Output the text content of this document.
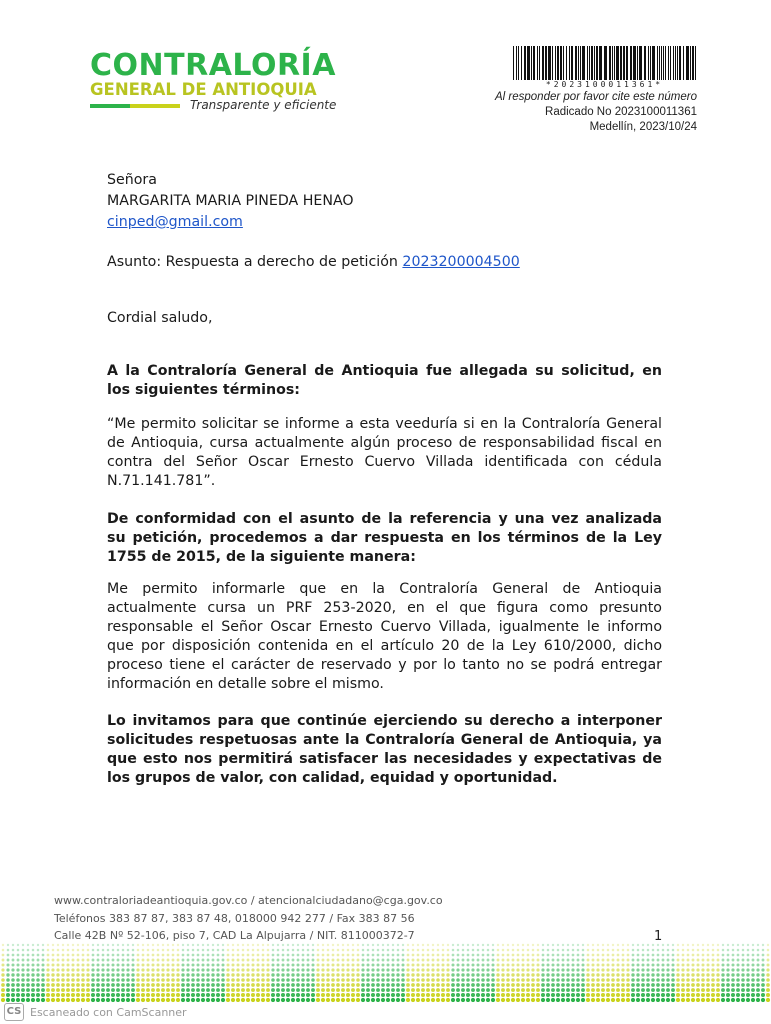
CONTRALORÍA
GENERAL DE ANTIOQUIA
Transparente y eficiente
*2023100011361*
Al responder por favor cite este número
Radicado No 2023100011361
Medellín, 2023/10/24
Señora
MARGARITA MARIA PINEDA HENAO
cinped@gmail.com
Asunto: Respuesta a derecho de petición 2023200004500
Cordial saludo,
A la Contraloría General de Antioquia fue allegada su solicitud, en los siguientes términos:
“Me permito solicitar se informe a esta veeduría si en la Contraloría General de Antioquia, cursa actualmente algún proceso de responsabilidad fiscal en contra del Señor Oscar Ernesto Cuervo Villada identificada con cédula N.71.141.781”.
De conformidad con el asunto de la referencia y una vez analizada su petición, procedemos a dar respuesta en los términos de la Ley 1755 de 2015, de la siguiente manera:
Me permito informarle que en la Contraloría General de Antioquia actualmente cursa un PRF 253-2020, en el que figura como presunto responsable el Señor Oscar Ernesto Cuervo Villada, igualmente le informo que por disposición contenida en el artículo 20 de la Ley 610/2000, dicho proceso tiene el carácter de reservado y por lo tanto no se podrá entregar información en detalle sobre el mismo.
Lo invitamos para que continúe ejerciendo su derecho a interponer solicitudes respetuosas ante la Contraloría General de Antioquia, ya que esto nos permitirá satisfacer las necesidades y expectativas de los grupos de valor, con calidad, equidad y oportunidad.
www.contraloriadeantioquia.gov.co / atencionalciudadano@cga.gov.co
Teléfonos 383 87 87, 383 87 48, 018000 942 277 / Fax 383 87 56
Calle 42B Nº 52-106, piso 7, CAD La Alpujarra / NIT. 811000372-7	1
CS Escaneado con CamScanner
